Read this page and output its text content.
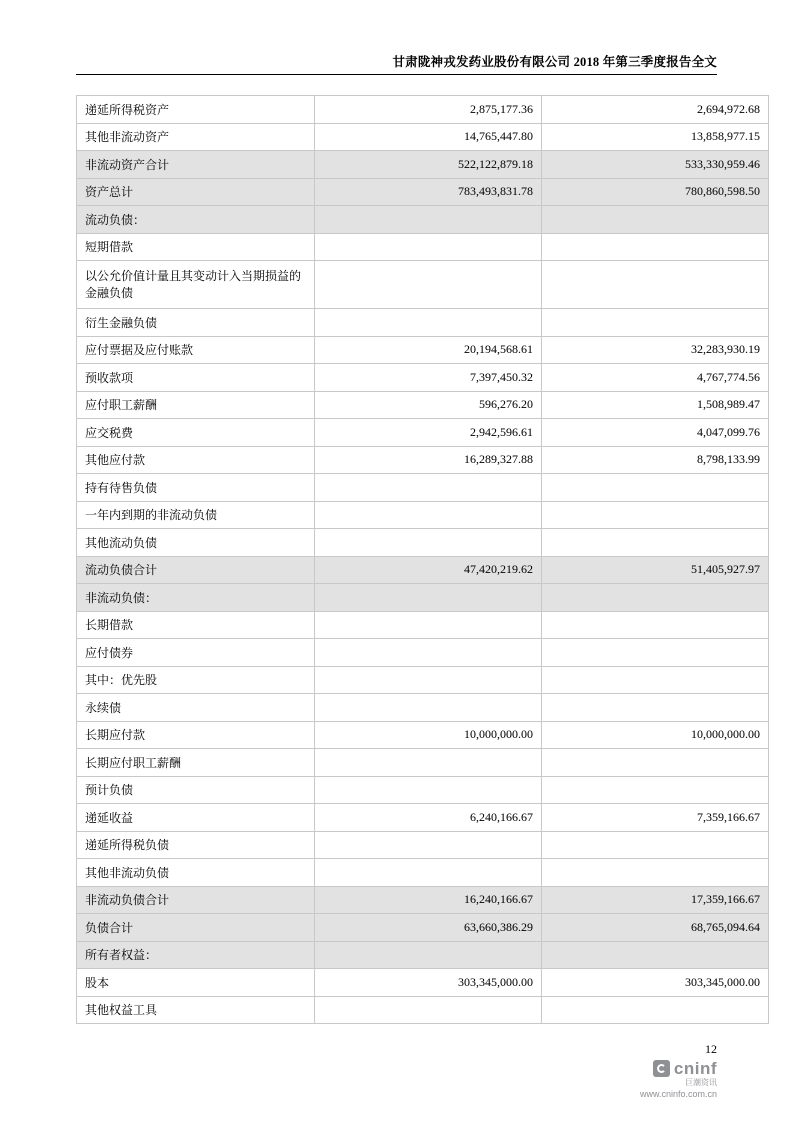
甘肃陇神戎发药业股份有限公司 2018 年第三季度报告全文
递延所得税资产	2,875,177.36	2,694,972.68
其他非流动资产	14,765,447.80	13,858,977.15
非流动资产合计	522,122,879.18	533,330,959.46
资产总计	783,493,831.78	780,860,598.50
流动负债：		
短期借款		
以公允价值计量且其变动计入当期损益的金融负债		
衍生金融负债		
应付票据及应付账款	20,194,568.61	32,283,930.19
预收款项	7,397,450.32	4,767,774.56
应付职工薪酬	596,276.20	1,508,989.47
应交税费	2,942,596.61	4,047,099.76
其他应付款	16,289,327.88	8,798,133.99
持有待售负债		
一年内到期的非流动负债		
其他流动负债		
流动负债合计	47,420,219.62	51,405,927.97
非流动负债：		
长期借款		
应付债券		
其中：优先股		
永续债		
长期应付款	10,000,000.00	10,000,000.00
长期应付职工薪酬		
预计负债		
递延收益	6,240,166.67	7,359,166.67
递延所得税负债		
其他非流动负债		
非流动负债合计	16,240,166.67	17,359,166.67
负债合计	63,660,386.29	68,765,094.64
所有者权益：		
股本	303,345,000.00	303,345,000.00
其他权益工具		
12
cninf
巨潮资讯
www.cninfo.com.cn
